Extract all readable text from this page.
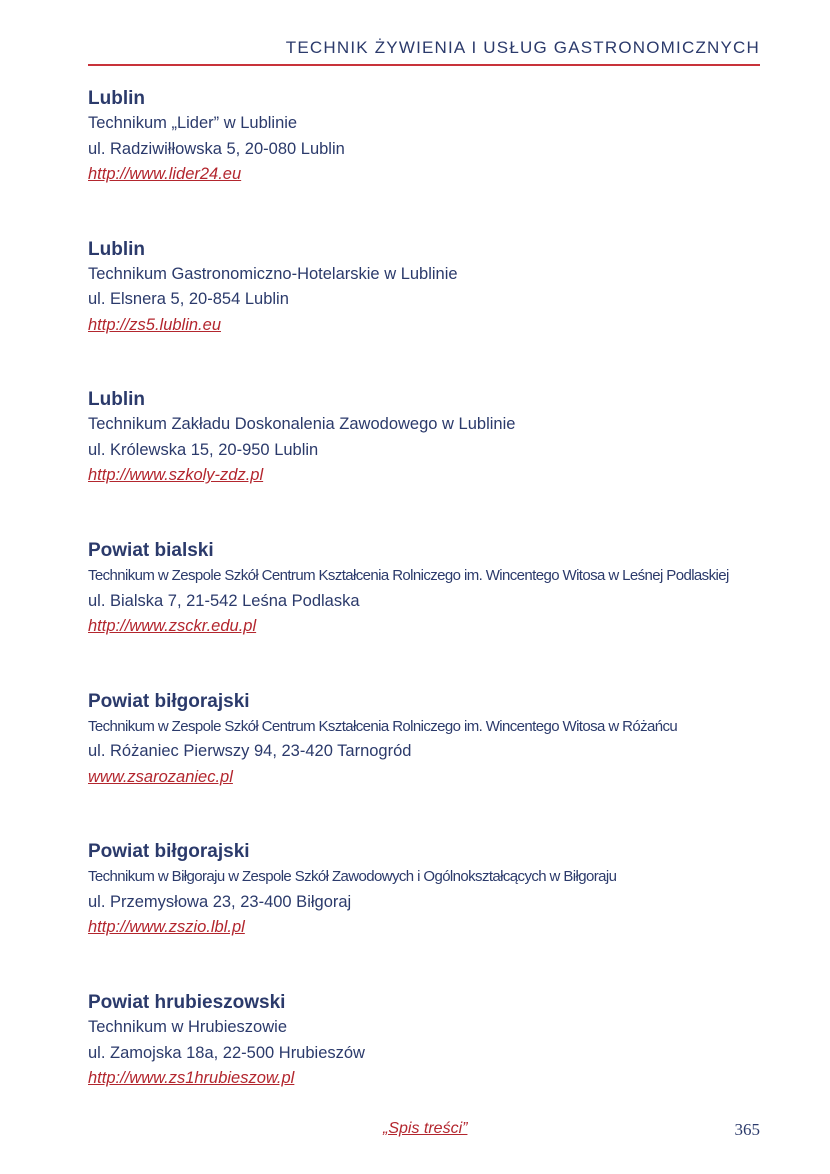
TECHNIK ŻYWIENIA I USŁUG GASTRONOMICZNYCH
Lublin
Technikum „Lider” w Lublinie
ul. Radziwiłłowska 5, 20-080 Lublin
http://www.lider24.eu
Lublin
Technikum Gastronomiczno-Hotelarskie w Lublinie
ul. Elsnera 5, 20-854 Lublin
http://zs5.lublin.eu
Lublin
Technikum Zakładu Doskonalenia Zawodowego w Lublinie
ul. Królewska 15, 20-950 Lublin
http://www.szkoly-zdz.pl
Powiat bialski
Technikum w Zespole Szkół Centrum Kształcenia Rolniczego im. Wincentego Witosa w Leśnej Podlaskiej
ul. Bialska 7, 21-542 Leśna Podlaska
http://www.zsckr.edu.pl
Powiat biłgorajski
Technikum w Zespole Szkół Centrum Kształcenia Rolniczego im. Wincentego Witosa w Różańcu
ul. Różaniec Pierwszy 94, 23-420 Tarnogród
www.zsarozaniec.pl
Powiat biłgorajski
Technikum w Biłgoraju w Zespole Szkół Zawodowych i Ogólnokształcących w Biłgoraju
ul. Przemysłowa 23, 23-400 Biłgoraj
http://www.zszio.lbl.pl
Powiat hrubieszowski
Technikum w Hrubieszowie
ul. Zamojska 18a, 22-500 Hrubieszów
http://www.zs1hrubieszow.pl
„Spis treści”	365
